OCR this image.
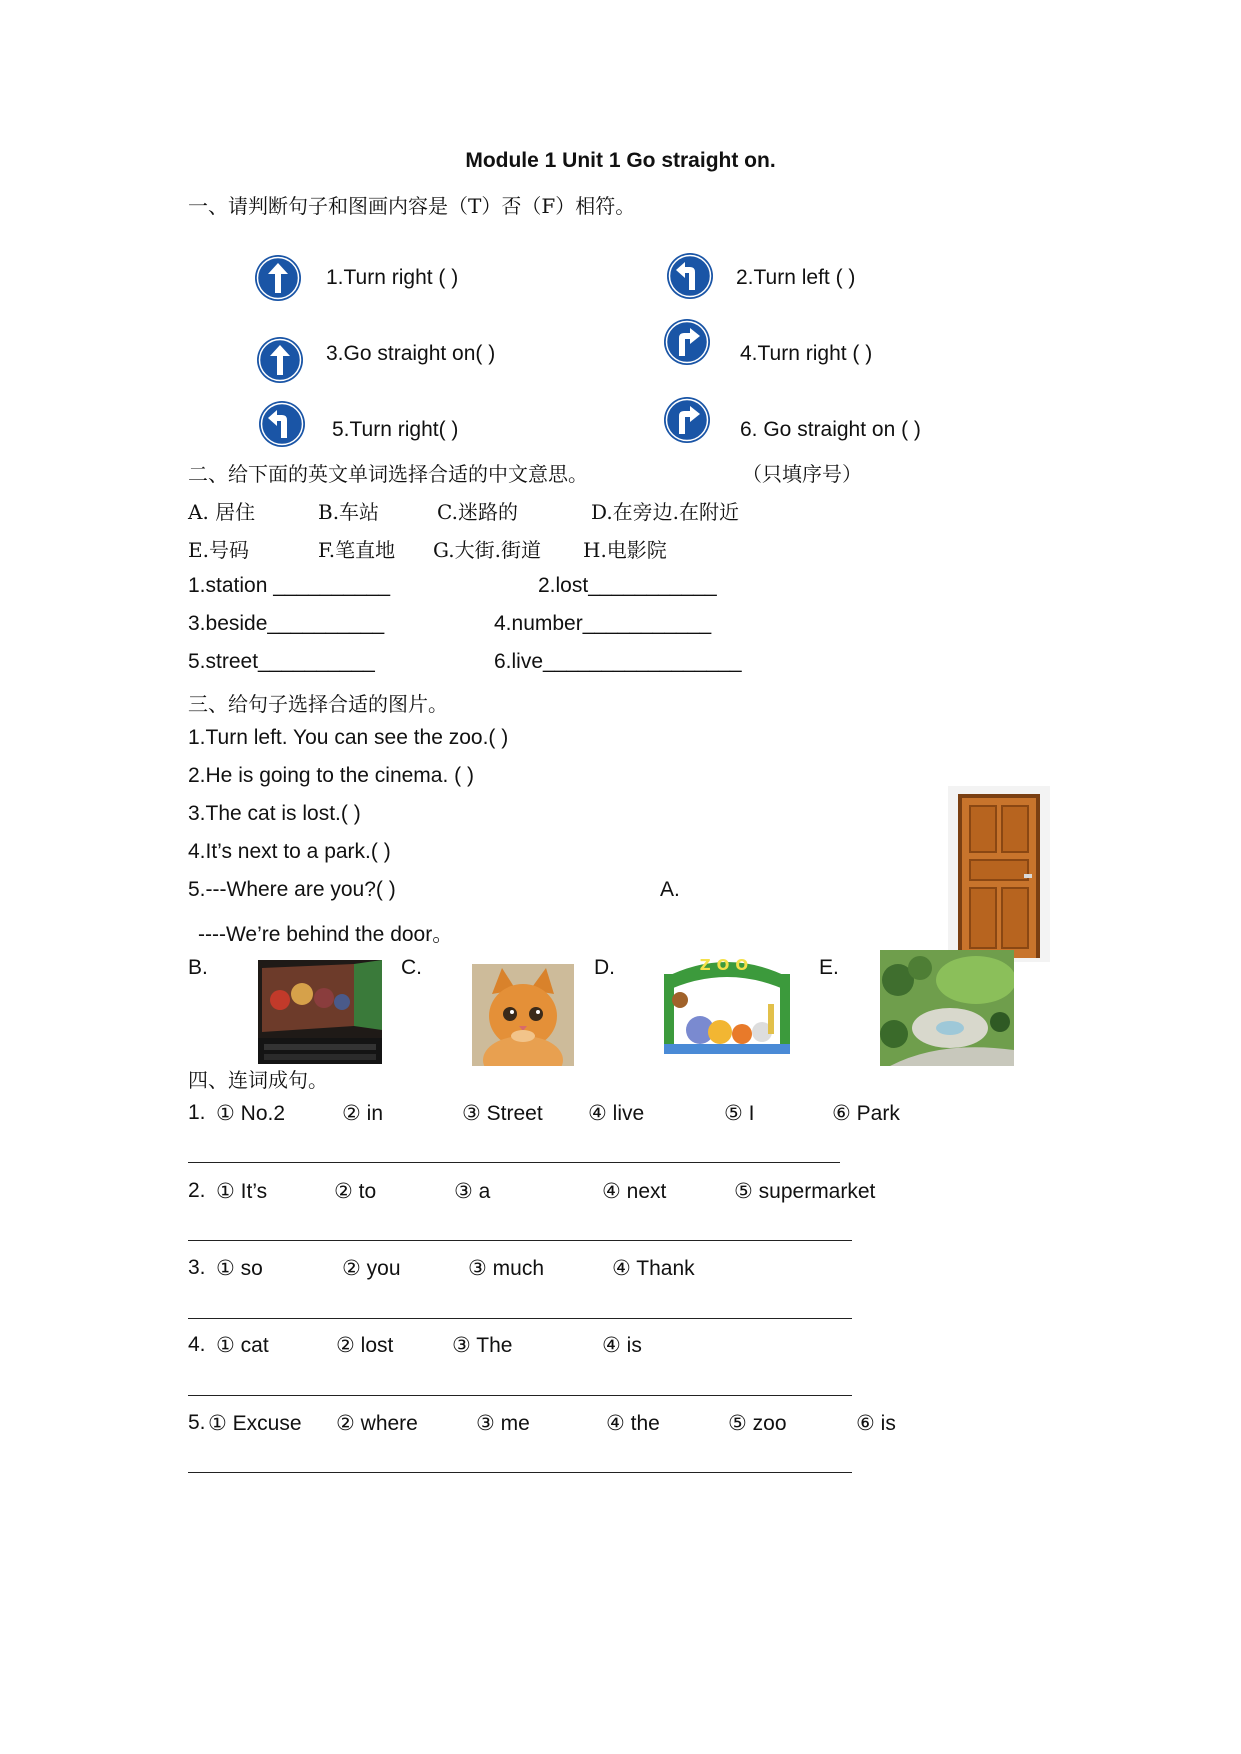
Module 1 Unit 1 Go straight on.
一、请判断句子和图画内容是（T）否（F）相符。
1.Turn right ( )	2.Turn left ( )
3.Go straight on( )	4.Turn right ( )
5.Turn right( )	6. Go straight on ( )
二、给下面的英文单词选择合适的中文意思。	（只填序号）
A. 居住	B.车站	C.迷路的	D.在旁边.在附近
E.号码	F.笔直地 G.大街.街道 H.电影院
1.station __________	2.lost___________
3.beside__________	4.number___________
5.street__________	6.live_________________
三、给句子选择合适的图片。
1.Turn left. You can see the zoo.( )
2.He is going to the cinema. ( )
3.The cat is lost.( )
4.It’s next to a park.( )
5.---Where are you?( )
----We’re behind the door。
A.
B.	C.	D.	E.
ZOO
四、连词成句。
1. ① No.2	② in	③ Street ④ live	⑤ I	⑥ Park
2. ① It’s	② to	③ a	④ next	⑤ supermarket
3. ① so	② you	③ much	④ Thank
4. ① cat	② lost	③ The	④ is
5. ① Excuse ② where	③ me	④ the	⑤ zoo	⑥ is
